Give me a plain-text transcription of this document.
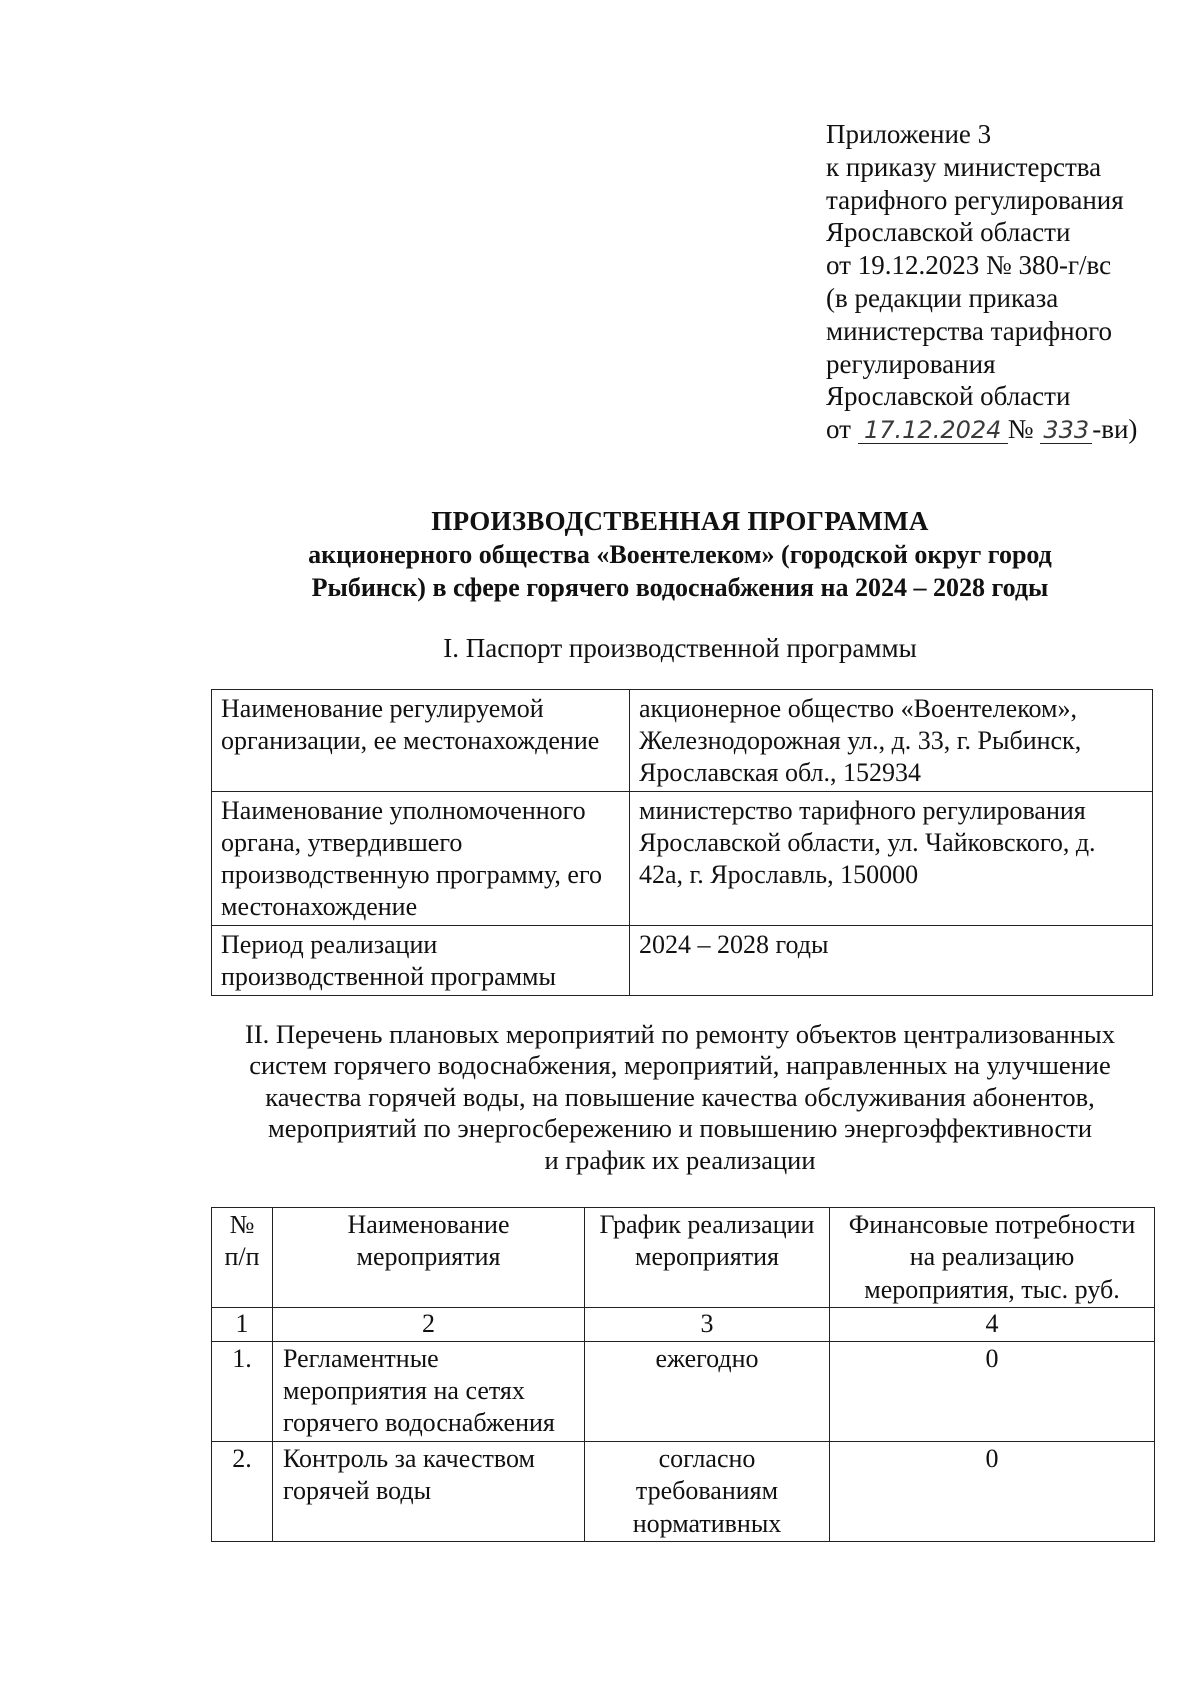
Приложение 3
к приказу министерства
тарифного регулирования
Ярославской области
от 19.12.2023 № 380-г/вс
(в редакции приказа
министерства тарифного
регулирования
Ярославской области
от 17.12.2024 № 333 -ви)
ПРОИЗВОДСТВЕННАЯ ПРОГРАММА
акционерного общества «Воентелеком» (городской округ город
Рыбинск) в сфере горячего водоснабжения на 2024 – 2028 годы
I. Паспорт производственной программы
Наименование регулируемой организации, ее местонахождение	акционерное общество «Воентелеком», Железнодорожная ул., д. 33, г. Рыбинск, Ярославская обл., 152934
Наименование уполномоченного органа, утвердившего производственную программу, его местонахождение	министерство тарифного регулирования Ярославской области, ул. Чайковского, д. 42а, г. Ярославль, 150000
Период реализации производственной программы	2024 – 2028 годы
II. Перечень плановых мероприятий по ремонту объектов централизованных
систем горячего водоснабжения, мероприятий, направленных на улучшение
качества горячей воды, на повышение качества обслуживания абонентов,
мероприятий по энергосбережению и повышению энергоэффективности
и график их реализации
№ п/п	Наименование мероприятия	График реализации мероприятия	Финансовые потребности на реализацию мероприятия, тыс. руб.
1	2	3	4
1.	Регламентные мероприятия на сетях горячего водоснабжения	ежегодно	0
2.	Контроль за качеством горячей воды	согласно требованиям нормативных	0
